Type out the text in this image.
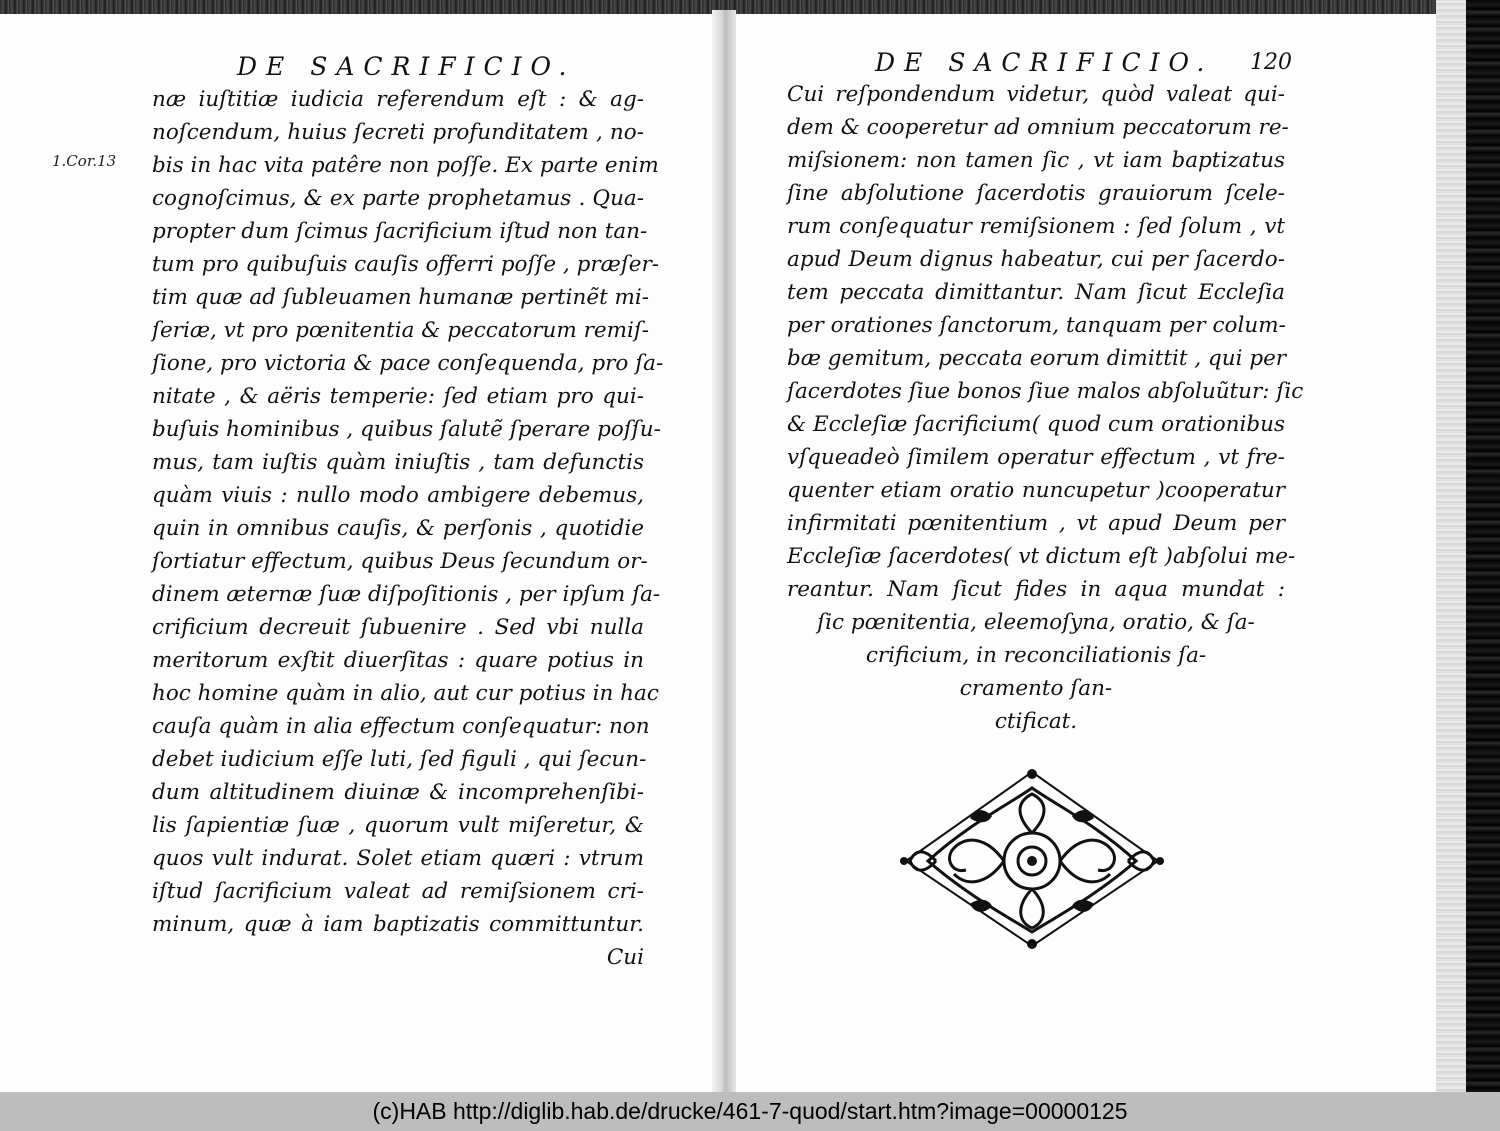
DE SACRIFICIO.
1.Cor.13
næ iuſtitiæ iudicia referendum eſt : & ag-
noſcendum, huius ſecreti profunditatem , no-
bis in hac vita patêre non poſſe. Ex parte enim
cognoſcimus, & ex parte prophetamus . Qua-
propter dum ſcimus ſacrificium iſtud non tan-
tum pro quibuſuis cauſis offerri poſſe , præſer-
tim quæ ad ſubleuamen humanæ pertinẽt mi-
ſeriæ, vt pro pœnitentia & peccatorum remiſ-
ſione, pro victoria & pace conſequenda, pro ſa-
nitate , & aëris temperie: ſed etiam pro qui-
buſuis hominibus , quibus ſalutẽ ſperare poſſu-
mus, tam iuſtis quàm iniuſtis , tam defunctis
quàm viuis : nullo modo ambigere debemus,
quin in omnibus cauſis, & perſonis , quotidie
ſortiatur effectum, quibus Deus ſecundum or-
dinem æternæ ſuæ diſpoſitionis , per ipſum ſa-
crificium decreuit ſubuenire . Sed vbi nulla
meritorum exſtit diuerſitas : quare potius in
hoc homine quàm in alio, aut cur potius in hac
cauſa quàm in alia effectum conſequatur: non
debet iudicium eſſe luti, ſed figuli , qui ſecun-
dum altitudinem diuinæ & incomprehenſibi-
lis ſapientiæ ſuæ , quorum vult miſeretur, &
quos vult indurat. Solet etiam quæri : vtrum
iſtud ſacrificium valeat ad remiſsionem cri-
minum, quæ à iam baptizatis committuntur.
Cui
DE SACRIFICIO. 120
Cui reſpondendum videtur, quòd valeat qui-
dem & cooperetur ad omnium peccatorum re-
miſsionem: non tamen ſic , vt iam baptizatus
ſine abſolutione ſacerdotis grauiorum ſcele-
rum conſequatur remiſsionem : ſed ſolum , vt
apud Deum dignus habeatur, cui per ſacerdo-
tem peccata dimittantur. Nam ſicut Eccleſia
per orationes ſanctorum, tanquam per colum-
bæ gemitum, peccata eorum dimittit , qui per
ſacerdotes ſiue bonos ſiue malos abſoluũtur: ſic
& Eccleſiæ ſacrificium( quod cum orationibus
vſqueadeò ſimilem operatur effectum , vt fre-
quenter etiam oratio nuncupetur )cooperatur
infirmitati pœnitentium , vt apud Deum per
Eccleſiæ ſacerdotes( vt dictum eſt )abſolui me-
reantur. Nam ſicut fides in aqua mundat :
ſic pœnitentia, eleemoſyna, oratio, & ſa-
crificium, in reconciliationis ſa-
cramento ſan-
ctificat.
(c)HAB http://diglib.hab.de/drucke/461-7-quod/start.htm?image=00000125
